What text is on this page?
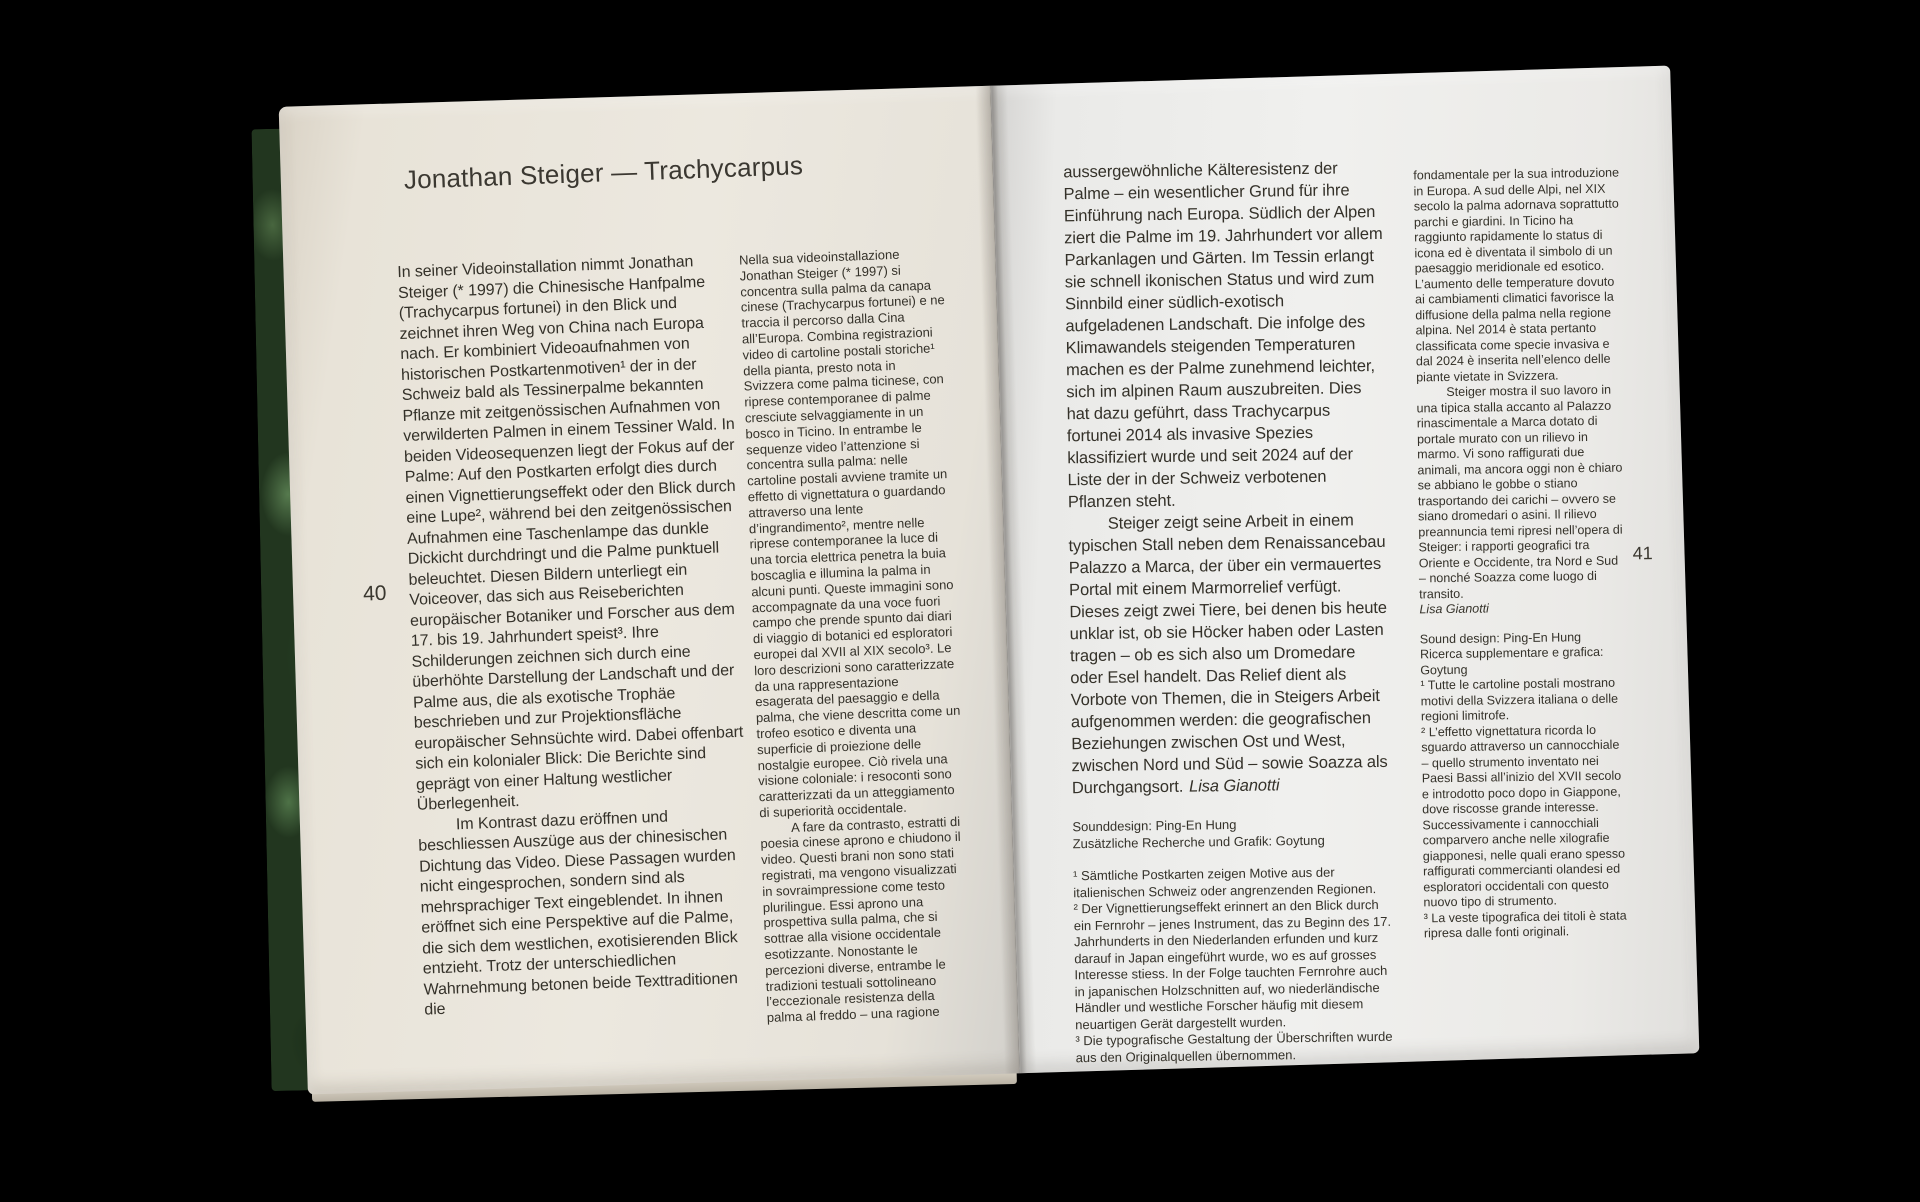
Jonathan Steiger — Trachycarpus
40

In seiner Videoinstallation nimmt Jonathan Steiger (* 1997) die Chinesische Hanfpalme (Trachycarpus fortunei) in den Blick und zeichnet ihren Weg von China nach Europa nach. Er kombiniert Videoaufnahmen von historischen Postkartenmotiven¹ der in der Schweiz bald als Tessinerpalme bekannten Pflanze mit zeitgenössischen Aufnahmen von verwilderten Palmen in einem Tessiner Wald. In beiden Videosequenzen liegt der Fokus auf der Palme: Auf den Postkarten erfolgt dies durch einen Vignettierungseffekt oder den Blick durch eine Lupe², während bei den zeitgenössischen Aufnahmen eine Taschenlampe das dunkle Dickicht durchdringt und die Palme punktuell beleuchtet. Diesen Bildern unterliegt ein Voiceover, das sich aus Reiseberichten europäischer Botaniker und Forscher aus dem 17. bis 19. Jahrhundert speist³. Ihre Schilderungen zeichnen sich durch eine überhöhte Darstellung der Landschaft und der Palme aus, die als exotische Trophäe beschrieben und zur Projektionsfläche europäischer Sehnsüchte wird. Dabei offenbart sich ein kolonialer Blick: Die Berichte sind geprägt von einer Haltung westlicher Überlegenheit.

Im Kontrast dazu eröffnen und beschliessen Auszüge aus der chinesischen Dichtung das Video. Diese Passagen wurden nicht eingesprochen, sondern sind als mehrsprachiger Text eingeblendet. In ihnen eröffnet sich eine Perspektive auf die Palme, die sich dem westlichen, exotisierenden Blick entzieht. Trotz der unterschiedlichen Wahrnehmung betonen beide Texttraditionen die

Nella sua videoinstallazione Jonathan Steiger (* 1997) si concentra sulla palma da canapa cinese (Trachycarpus fortunei) e ne traccia il percorso dalla Cina all’Europa. Combina registrazioni video di cartoline postali storiche¹ della pianta, presto nota in Svizzera come palma ticinese, con riprese contemporanee di palme cresciute selvaggiamente in un bosco in Ticino. In entrambe le sequenze video l’attenzione si concentra sulla palma: nelle cartoline postali avviene tramite un effetto di vignettatura o guardando attraverso una lente d’ingrandimento², mentre nelle riprese contemporanee la luce di una torcia elettrica penetra la buia boscaglia e illumina la palma in alcuni punti. Queste immagini sono accompagnate da una voce fuori campo che prende spunto dai diari di viaggio di botanici ed esploratori europei dal XVII al XIX secolo³. Le loro descrizioni sono caratterizzate da una rappresentazione esagerata del paesaggio e della palma, che viene descritta come un trofeo esotico e diventa una superficie di proiezione delle nostalgie europee. Ciò rivela una visione coloniale: i resoconti sono caratterizzati da un atteggiamento di superiorità occidentale.

A fare da contrasto, estratti di poesia cinese aprono e chiudono il video. Questi brani non sono stati registrati, ma vengono visualizzati in sovraimpressione come testo plurilingue. Essi aprono una prospettiva sulla palma, che si sottrae alla visione occidentale esotizzante. Nonostante le percezioni diverse, entrambe le tradizioni testuali sottolineano l’eccezionale resistenza della palma al freddo – una ragione

41

aussergewöhnliche Kälteresistenz der Palme – ein wesentlicher Grund für ihre Einführung nach Europa. Südlich der Alpen ziert die Palme im 19. Jahrhundert vor allem Parkanlagen und Gärten. Im Tessin erlangt sie schnell ikonischen Status und wird zum Sinnbild einer südlich-exotisch aufgeladenen Landschaft. Die infolge des Klimawandels steigenden Temperaturen machen es der Palme zunehmend leichter, sich im alpinen Raum auszubreiten. Dies hat dazu geführt, dass Trachycarpus fortunei 2014 als invasive Spezies klassifiziert wurde und seit 2024 auf der Liste der in der Schweiz verbotenen Pflanzen steht.

Steiger zeigt seine Arbeit in einem typischen Stall neben dem Renaissancebau Palazzo a Marca, der über ein vermauertes Portal mit einem Marmorrelief verfügt. Dieses zeigt zwei Tiere, bei denen bis heute unklar ist, ob sie Höcker haben oder Lasten tragen – ob es sich also um Dromedare oder Esel handelt. Das Relief dient als Vorbote von Themen, die in Steigers Arbeit aufgenommen werden: die geografischen Beziehungen zwischen Ost und West, zwischen Nord und Süd – sowie Soazza als Durchgangsort. Lisa Gianotti

Sounddesign: Ping-En Hung

Zusätzliche Recherche und Grafik: Goytung

¹ Sämtliche Postkarten zeigen Motive aus der italienischen Schweiz oder angrenzenden Regionen.

² Der Vignettierungseffekt erinnert an den Blick durch ein Fernrohr – jenes Instrument, das zu Beginn des 17. Jahrhunderts in den Niederlanden erfunden und kurz darauf in Japan eingeführt wurde, wo es auf grosses Interesse stiess. In der Folge tauchten Fernrohre auch in japanischen Holzschnitten auf, wo niederländische Händler und westliche Forscher häufig mit diesem neuartigen Gerät dargestellt wurden.

³ Die typografische Gestaltung der Überschriften wurde aus den Originalquellen übernommen.

fondamentale per la sua introduzione in Europa. A sud delle Alpi, nel XIX secolo la palma adornava soprattutto parchi e giardini. In Ticino ha raggiunto rapidamente lo status di icona ed è diventata il simbolo di un paesaggio meridionale ed esotico. L’aumento delle temperature dovuto ai cambiamenti climatici favorisce la diffusione della palma nella regione alpina. Nel 2014 è stata pertanto classificata come specie invasiva e dal 2024 è inserita nell’elenco delle piante vietate in Svizzera.

Steiger mostra il suo lavoro in una tipica stalla accanto al Palazzo rinascimentale a Marca dotato di portale murato con un rilievo in marmo. Vi sono raffigurati due animali, ma ancora oggi non è chiaro se abbiano le gobbe o stiano trasportando dei carichi – ovvero se siano dromedari o asini. Il rilievo preannuncia temi ripresi nell’opera di Steiger: i rapporti geografici tra Oriente e Occidente, tra Nord e Sud – nonché Soazza come luogo di transito.

Lisa Gianotti

Sound design: Ping-En Hung

Ricerca supplementare e grafica: Goytung

¹ Tutte le cartoline postali mostrano motivi della Svizzera italiana o delle regioni limitrofe.

² L’effetto vignettatura ricorda lo sguardo attraverso un cannocchiale – quello strumento inventato nei Paesi Bassi all’inizio del XVII secolo e introdotto poco dopo in Giappone, dove riscosse grande interesse. Successivamente i cannocchiali comparvero anche nelle xilografie giapponesi, nelle quali erano spesso raffigurati commercianti olandesi ed esploratori occidentali con questo nuovo tipo di strumento.

³ La veste tipografica dei titoli è stata ripresa dalle fonti originali.
